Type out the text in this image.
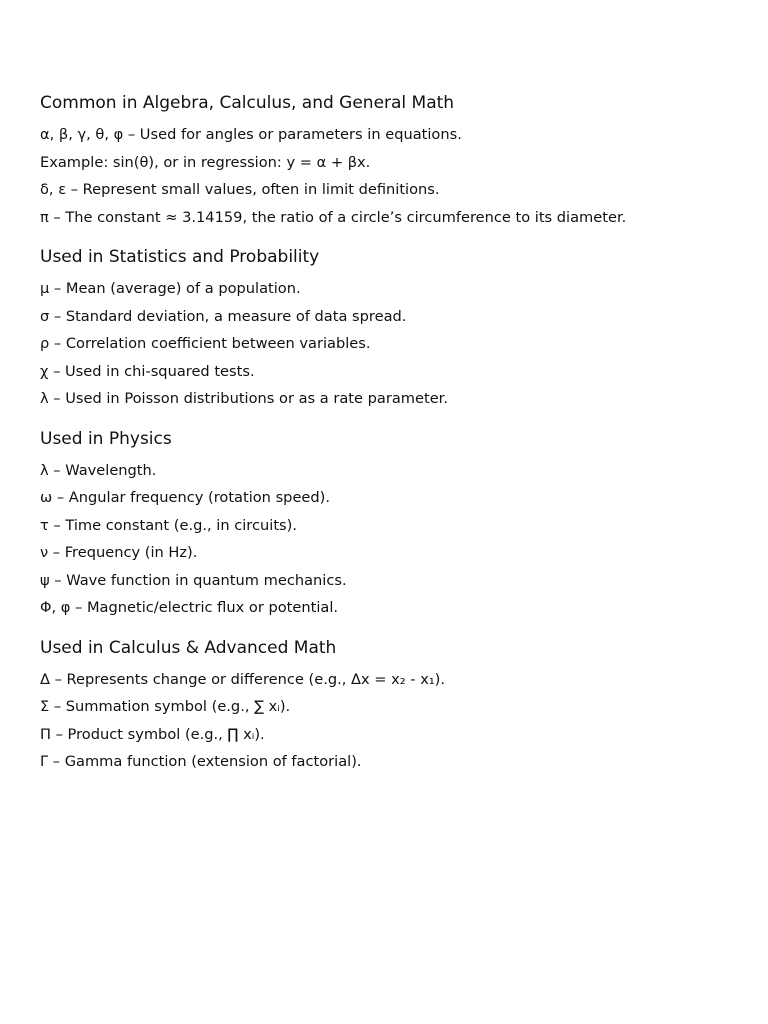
Common in Algebra, Calculus, and General Math

α, β, γ, θ, φ – Used for angles or parameters in equations.

Example: sin(θ), or in regression: y = α + βx.

δ, ε – Represent small values, often in limit definitions.

π – The constant ≈ 3.14159, the ratio of a circle’s circumference to its diameter.

Used in Statistics and Probability

μ – Mean (average) of a population.

σ – Standard deviation, a measure of data spread.

ρ – Correlation coefficient between variables.

χ – Used in chi-squared tests.

λ – Used in Poisson distributions or as a rate parameter.

Used in Physics

λ – Wavelength.

ω – Angular frequency (rotation speed).

τ – Time constant (e.g., in circuits).

ν – Frequency (in Hz).

ψ – Wave function in quantum mechanics.

Φ, φ – Magnetic/electric flux or potential.

Used in Calculus & Advanced Math

Δ – Represents change or difference (e.g., Δx = x₂ - x₁).

Σ – Summation symbol (e.g., ∑ xᵢ).

Π – Product symbol (e.g., ∏ xᵢ).

Γ – Gamma function (extension of factorial).
